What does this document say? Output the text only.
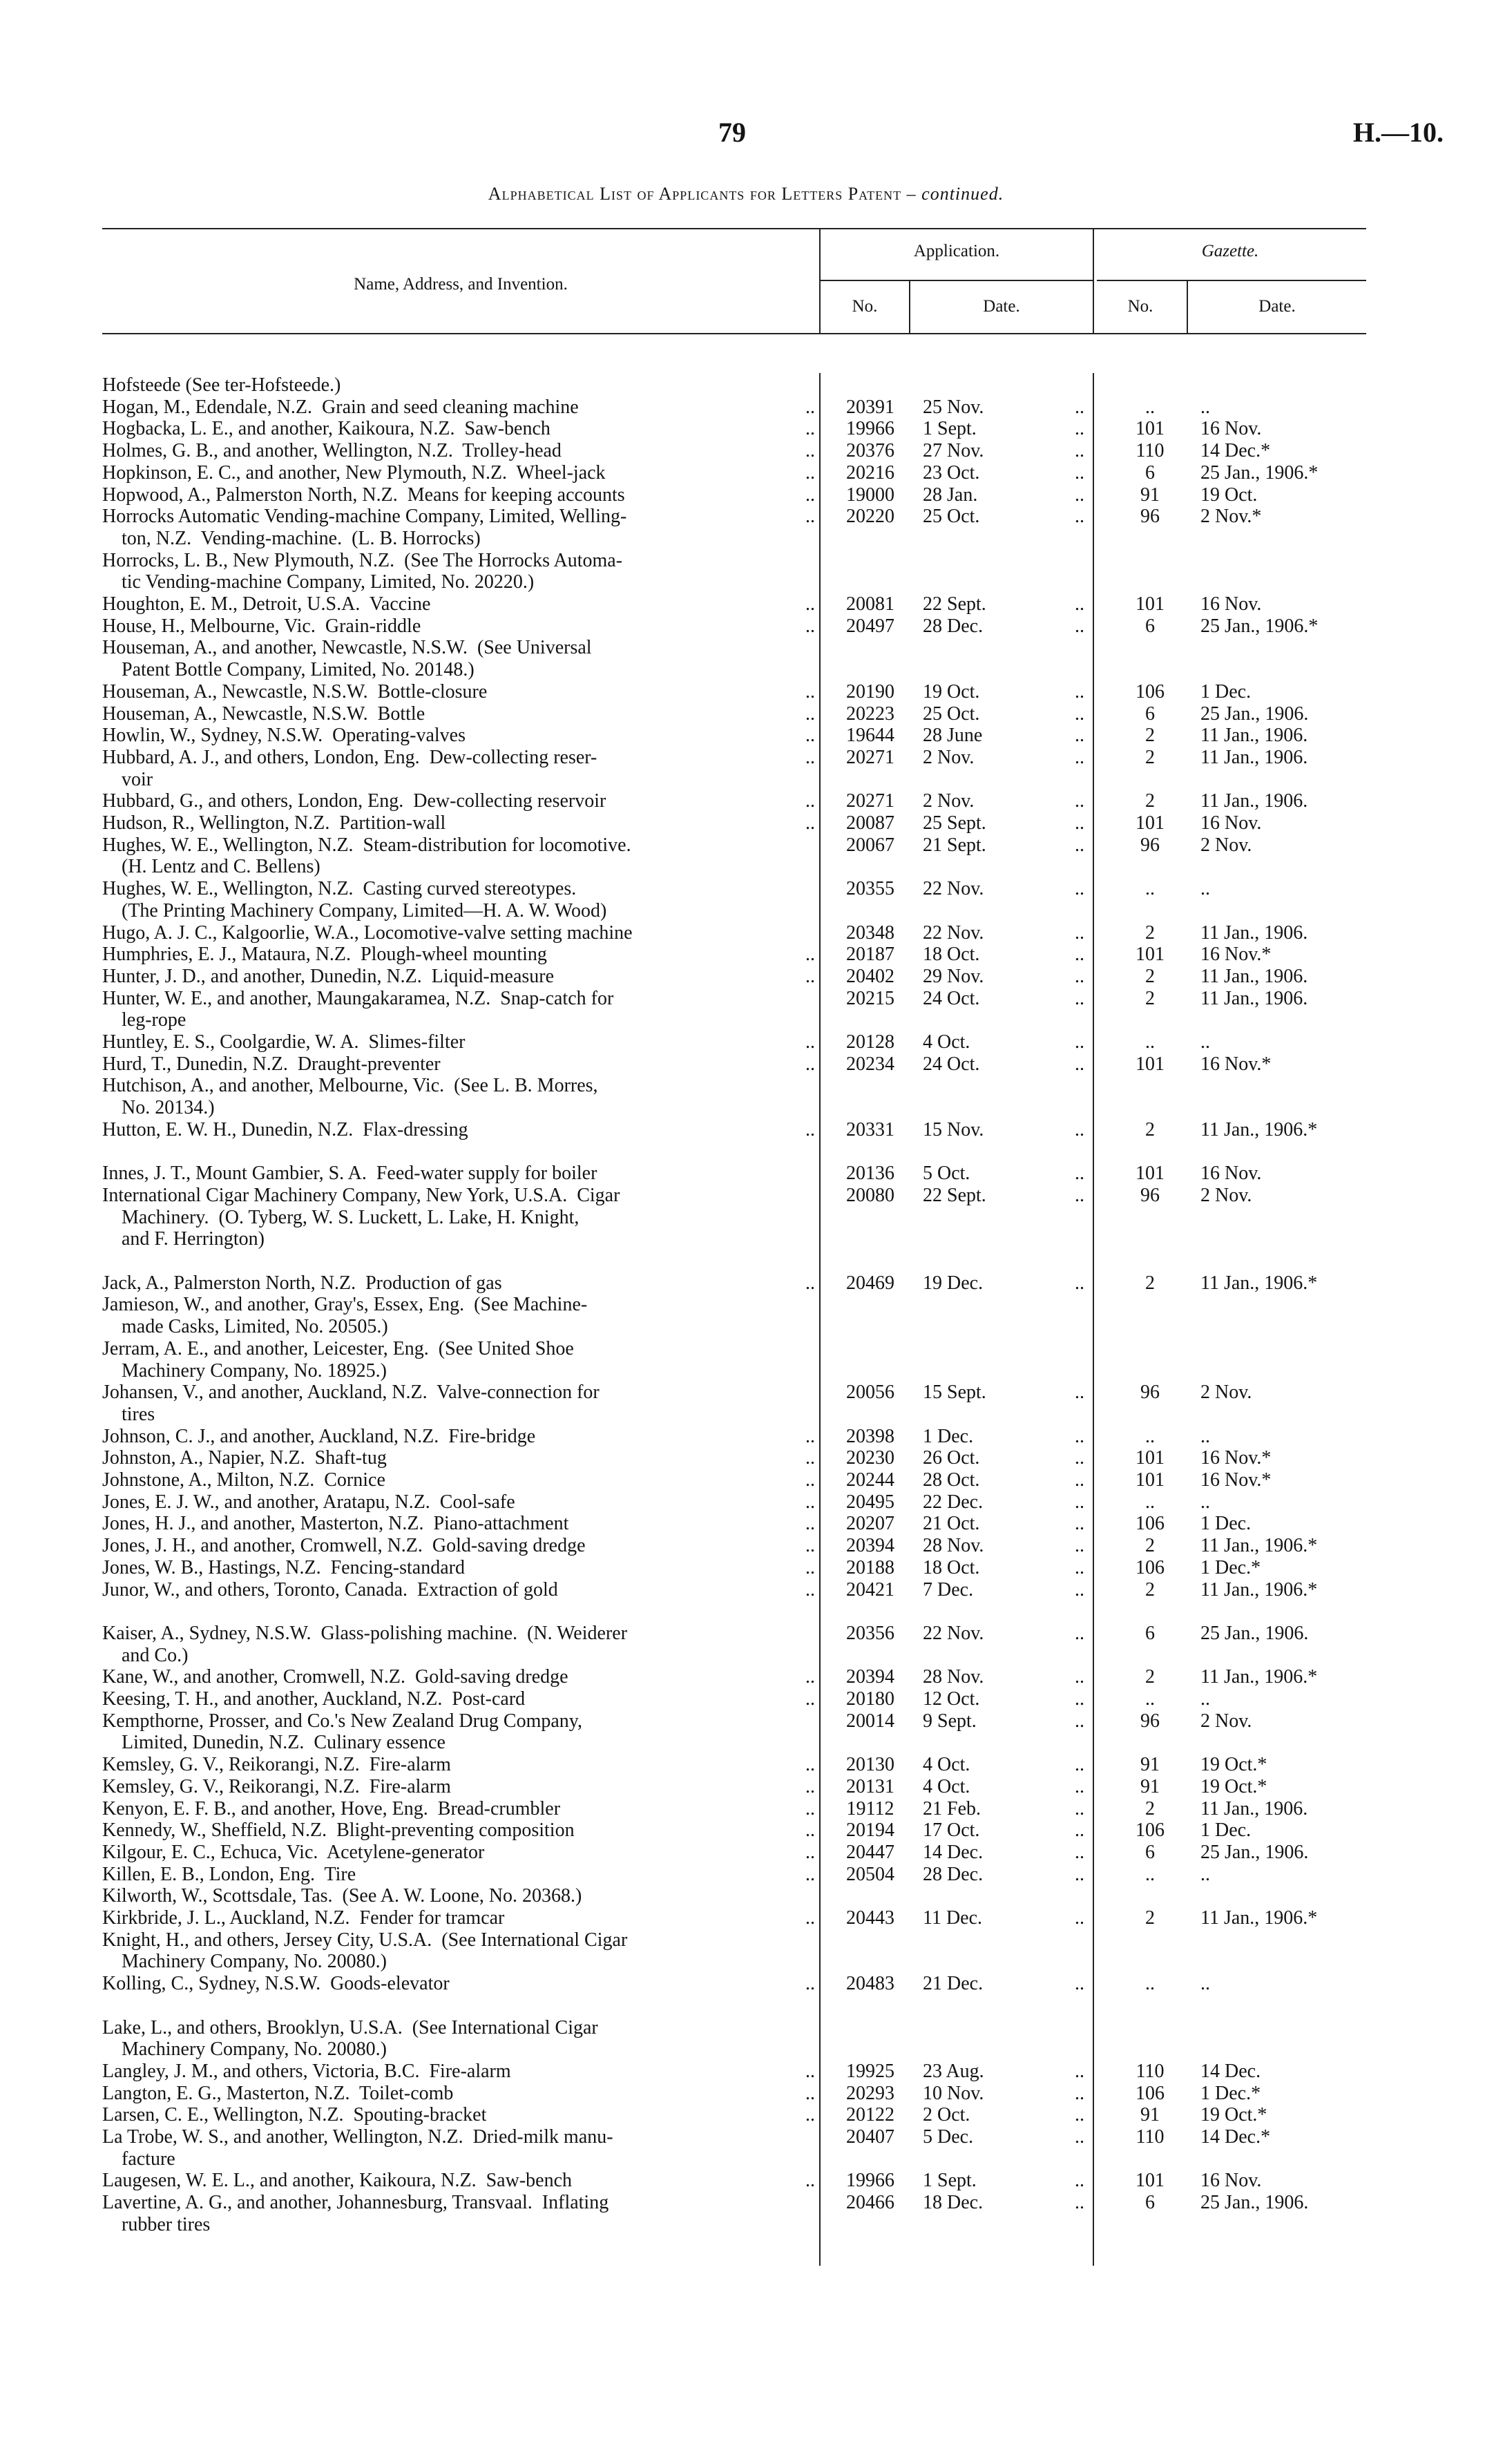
79	H.—10.
Alphabetical List of Applicants for Letters Patent – continued.
Name, Address, and Invention.
Application.	Gazette.
No.	Date.	No.	Date.
Hofsteede (See ter-Hofsteede.)
Hogan, M., Edendale, N.Z.  Grain and seed cleaning machine	..	20391	25 Nov.	..	..	..
Hogbacka, L. E., and another, Kaikoura, N.Z.  Saw-bench	..	19966	1 Sept.	..	101	16 Nov.
Holmes, G. B., and another, Wellington, N.Z.  Trolley-head	..	20376	27 Nov.	..	110	14 Dec.*
Hopkinson, E. C., and another, New Plymouth, N.Z.  Wheel-jack	..	20216	23 Oct.	..	6	25 Jan., 1906.*
Hopwood, A., Palmerston North, N.Z.  Means for keeping accounts	..	19000	28 Jan.	..	91	19 Oct.
Horrocks Automatic Vending-machine Company, Limited, Welling-	..	20220	25 Oct.	..	96	2 Nov.*
ton, N.Z.  Vending-machine.  (L. B. Horrocks)
Horrocks, L. B., New Plymouth, N.Z.  (See The Horrocks Automa-
tic Vending-machine Company, Limited, No. 20220.)
Houghton, E. M., Detroit, U.S.A.  Vaccine	..	20081	22 Sept.	..	101	16 Nov.
House, H., Melbourne, Vic.  Grain-riddle	..	20497	28 Dec.	..	6	25 Jan., 1906.*
Houseman, A., and another, Newcastle, N.S.W.  (See Universal
Patent Bottle Company, Limited, No. 20148.)
Houseman, A., Newcastle, N.S.W.  Bottle-closure	..	20190	19 Oct.	..	106	1 Dec.
Houseman, A., Newcastle, N.S.W.  Bottle	..	20223	25 Oct.	..	6	25 Jan., 1906.
Howlin, W., Sydney, N.S.W.  Operating-valves	..	19644	28 June	..	2	11 Jan., 1906.
Hubbard, A. J., and others, London, Eng.  Dew-collecting reser-	..	20271	2 Nov.	..	2	11 Jan., 1906.
voir
Hubbard, G., and others, London, Eng.  Dew-collecting reservoir	..	20271	2 Nov.	..	2	11 Jan., 1906.
Hudson, R., Wellington, N.Z.  Partition-wall	..	20087	25 Sept.	..	101	16 Nov.
Hughes, W. E., Wellington, N.Z.  Steam-distribution for locomotive.	20067	21 Sept.	..	96	2 Nov.
(H. Lentz and C. Bellens)
Hughes, W. E., Wellington, N.Z.  Casting curved stereotypes.	20355	22 Nov.	..	..	..
(The Printing Machinery Company, Limited—H. A. W. Wood)
Hugo, A. J. C., Kalgoorlie, W.A., Locomotive-valve setting machine	20348	22 Nov.	..	2	11 Jan., 1906.
Humphries, E. J., Mataura, N.Z.  Plough-wheel mounting	..	20187	18 Oct.	..	101	16 Nov.*
Hunter, J. D., and another, Dunedin, N.Z.  Liquid-measure	..	20402	29 Nov.	..	2	11 Jan., 1906.
Hunter, W. E., and another, Maungakaramea, N.Z.  Snap-catch for	20215	24 Oct.	..	2	11 Jan., 1906.
leg-rope
Huntley, E. S., Coolgardie, W. A.  Slimes-filter	..	20128	4 Oct.	..	..	..
Hurd, T., Dunedin, N.Z.  Draught-preventer	..	20234	24 Oct.	..	101	16 Nov.*
Hutchison, A., and another, Melbourne, Vic.  (See L. B. Morres,
No. 20134.)
Hutton, E. W. H., Dunedin, N.Z.  Flax-dressing	..	20331	15 Nov.	..	2	11 Jan., 1906.*
Innes, J. T., Mount Gambier, S. A.  Feed-water supply for boiler	20136	5 Oct.	..	101	16 Nov.
International Cigar Machinery Company, New York, U.S.A.  Cigar	20080	22 Sept.	..	96	2 Nov.
Machinery.  (O. Tyberg, W. S. Luckett, L. Lake, H. Knight,
and F. Herrington)
Jack, A., Palmerston North, N.Z.  Production of gas	..	20469	19 Dec.	..	2	11 Jan., 1906.*
Jamieson, W., and another, Gray's, Essex, Eng.  (See Machine-
made Casks, Limited, No. 20505.)
Jerram, A. E., and another, Leicester, Eng.  (See United Shoe
Machinery Company, No. 18925.)
Johansen, V., and another, Auckland, N.Z.  Valve-connection for	20056	15 Sept.	..	96	2 Nov.
tires
Johnson, C. J., and another, Auckland, N.Z.  Fire-bridge	..	20398	1 Dec.	..	..	..
Johnston, A., Napier, N.Z.  Shaft-tug	..	20230	26 Oct.	..	101	16 Nov.*
Johnstone, A., Milton, N.Z.  Cornice	..	20244	28 Oct.	..	101	16 Nov.*
Jones, E. J. W., and another, Aratapu, N.Z.  Cool-safe	..	20495	22 Dec.	..	..	..
Jones, H. J., and another, Masterton, N.Z.  Piano-attachment	..	20207	21 Oct.	..	106	1 Dec.
Jones, J. H., and another, Cromwell, N.Z.  Gold-saving dredge	..	20394	28 Nov.	..	2	11 Jan., 1906.*
Jones, W. B., Hastings, N.Z.  Fencing-standard	..	20188	18 Oct.	..	106	1 Dec.*
Junor, W., and others, Toronto, Canada.  Extraction of gold	..	20421	7 Dec.	..	2	11 Jan., 1906.*
Kaiser, A., Sydney, N.S.W.  Glass-polishing machine.  (N. Weiderer	20356	22 Nov.	..	6	25 Jan., 1906.
and Co.)
Kane, W., and another, Cromwell, N.Z.  Gold-saving dredge	..	20394	28 Nov.	..	2	11 Jan., 1906.*
Keesing, T. H., and another, Auckland, N.Z.  Post-card	..	20180	12 Oct.	..	..	..
Kempthorne, Prosser, and Co.'s New Zealand Drug Company,	20014	9 Sept.	..	96	2 Nov.
Limited, Dunedin, N.Z.  Culinary essence
Kemsley, G. V., Reikorangi, N.Z.  Fire-alarm	..	20130	4 Oct.	..	91	19 Oct.*
Kemsley, G. V., Reikorangi, N.Z.  Fire-alarm	..	20131	4 Oct.	..	91	19 Oct.*
Kenyon, E. F. B., and another, Hove, Eng.  Bread-crumbler	..	19112	21 Feb.	..	2	11 Jan., 1906.
Kennedy, W., Sheffield, N.Z.  Blight-preventing composition	..	20194	17 Oct.	..	106	1 Dec.
Kilgour, E. C., Echuca, Vic.  Acetylene-generator	..	20447	14 Dec.	..	6	25 Jan., 1906.
Killen, E. B., London, Eng.  Tire	..	20504	28 Dec.	..	..	..
Kilworth, W., Scottsdale, Tas.  (See A. W. Loone, No. 20368.)
Kirkbride, J. L., Auckland, N.Z.  Fender for tramcar	..	20443	11 Dec.	..	2	11 Jan., 1906.*
Knight, H., and others, Jersey City, U.S.A.  (See International Cigar
Machinery Company, No. 20080.)
Kolling, C., Sydney, N.S.W.  Goods-elevator	..	20483	21 Dec.	..	..	..
Lake, L., and others, Brooklyn, U.S.A.  (See International Cigar
Machinery Company, No. 20080.)
Langley, J. M., and others, Victoria, B.C.  Fire-alarm	..	19925	23 Aug.	..	110	14 Dec.
Langton, E. G., Masterton, N.Z.  Toilet-comb	..	20293	10 Nov.	..	106	1 Dec.*
Larsen, C. E., Wellington, N.Z.  Spouting-bracket	..	20122	2 Oct.	..	91	19 Oct.*
La Trobe, W. S., and another, Wellington, N.Z.  Dried-milk manu-	20407	5 Dec.	..	110	14 Dec.*
facture
Laugesen, W. E. L., and another, Kaikoura, N.Z.  Saw-bench	..	19966	1 Sept.	..	101	16 Nov.
Lavertine, A. G., and another, Johannesburg, Transvaal.  Inflating	20466	18 Dec.	..	6	25 Jan., 1906.
rubber tires
